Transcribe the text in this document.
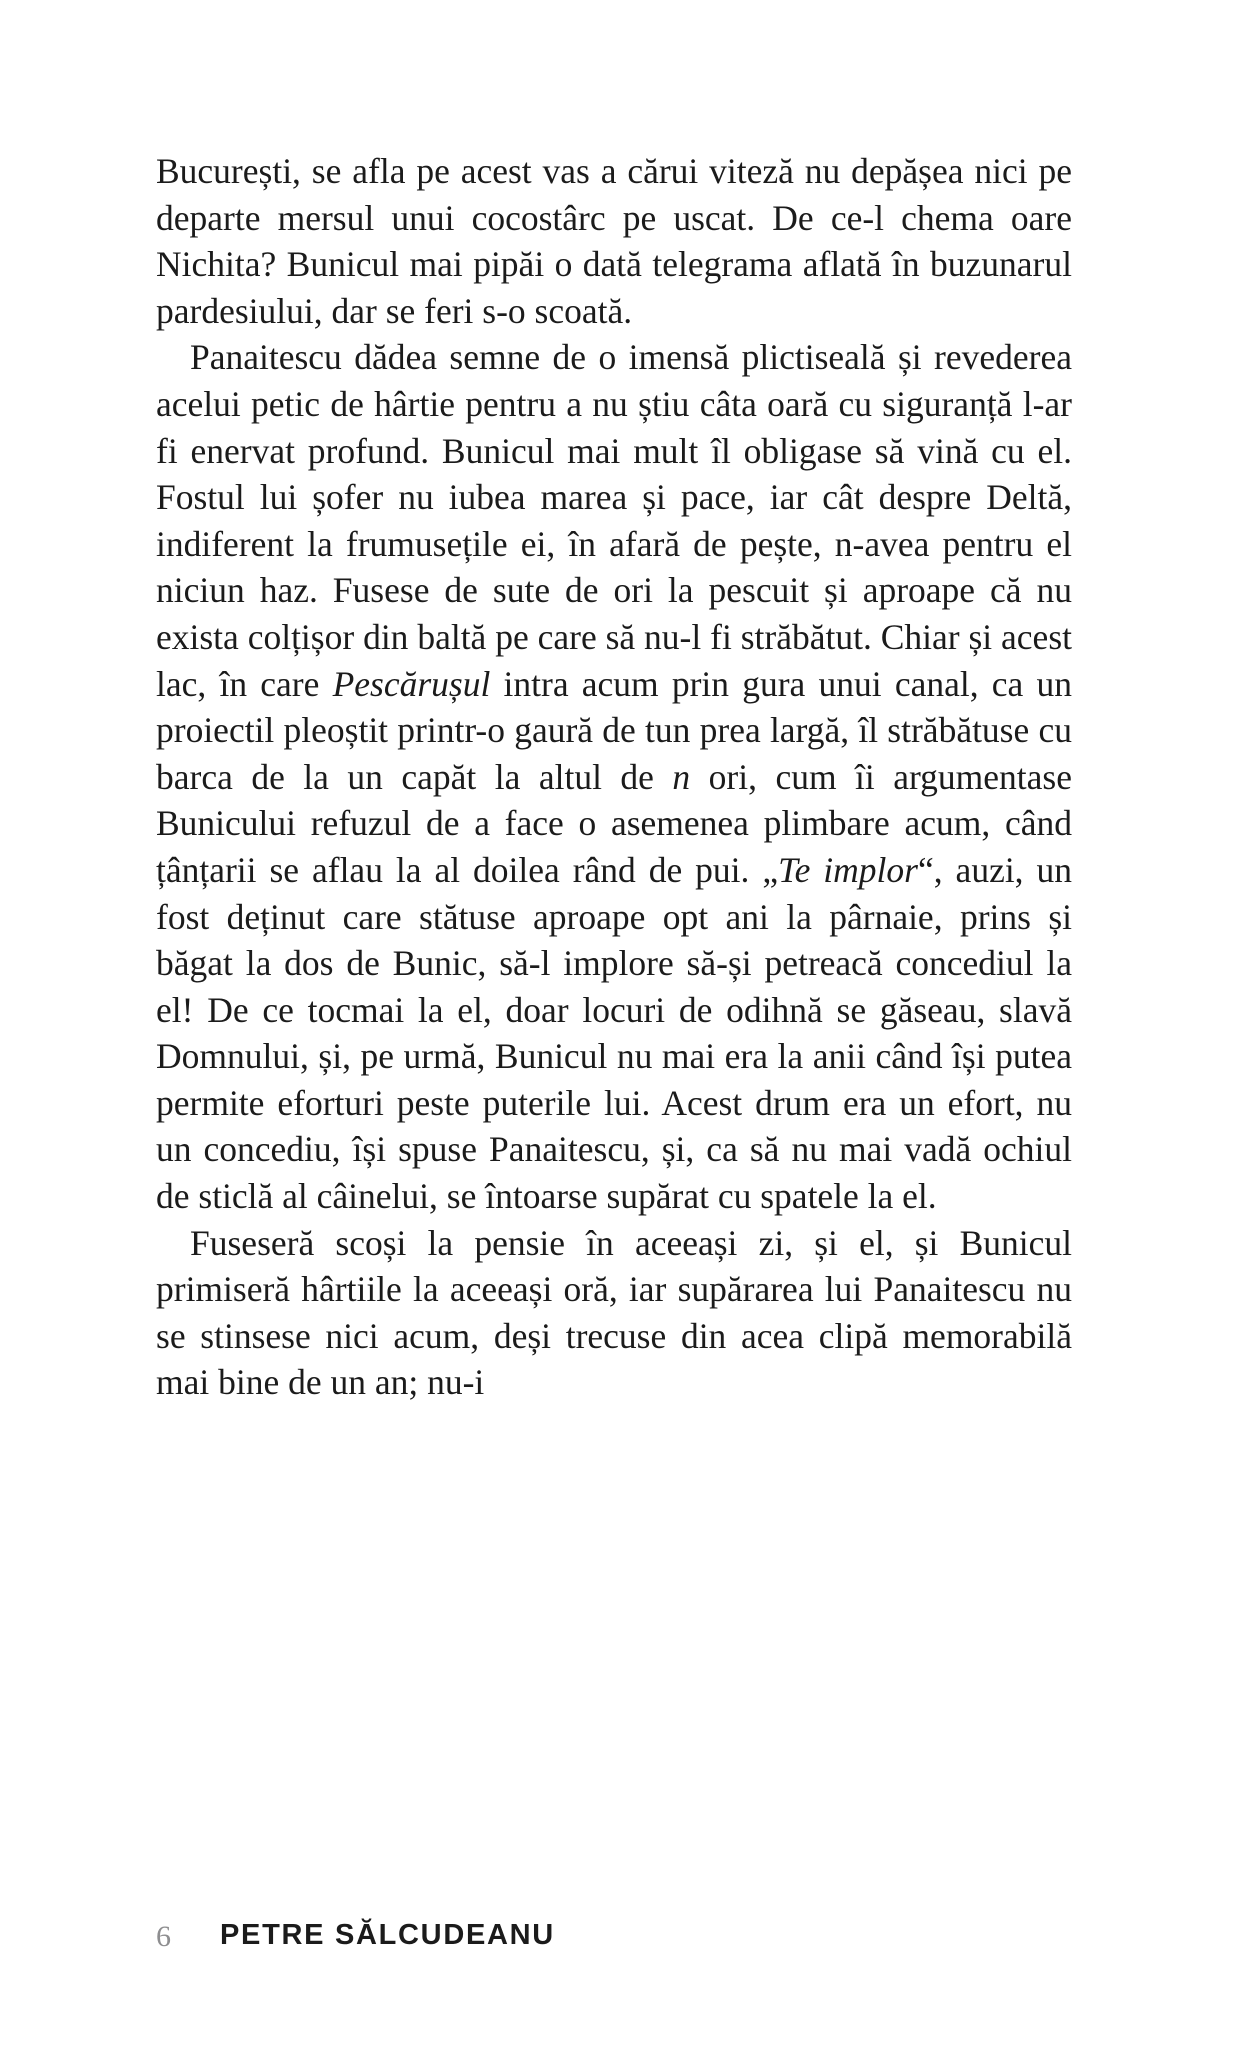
București, se afla pe acest vas a cărui viteză nu depășea nici pe departe mersul unui cocostârc pe uscat. De ce-l chema oare Nichita? Bunicul mai pipăi o dată telegrama aflată în buzunarul pardesiului, dar se feri s-o scoată.

Panaitescu dădea semne de o imensă plictiseală și revederea acelui petic de hârtie pentru a nu știu câta oară cu siguranță l-ar fi enervat profund. Bunicul mai mult îl obligase să vină cu el. Fostul lui șofer nu iubea marea și pace, iar cât despre Deltă, indiferent la frumusețile ei, în afară de pește, n-avea pentru el niciun haz. Fusese de sute de ori la pescuit și aproape că nu exista colțișor din baltă pe care să nu-l fi străbătut. Chiar și acest lac, în care Pescărușul intra acum prin gura unui canal, ca un proiectil pleoștit printr-o gaură de tun prea largă, îl străbătuse cu barca de la un capăt la altul de n ori, cum îi argumentase Bunicului refuzul de a face o asemenea plimbare acum, când țânțarii se aflau la al doilea rând de pui. „Te implor“, auzi, un fost deținut care stătuse aproape opt ani la pârnaie, prins și băgat la dos de Bunic, să-l implore să-și petreacă concediul la el! De ce tocmai la el, doar locuri de odihnă se găseau, slavă Domnului, și, pe urmă, Bunicul nu mai era la anii când își putea permite eforturi peste puterile lui. Acest drum era un efort, nu un concediu, își spuse Panaitescu, și, ca să nu mai vadă ochiul de sticlă al câinelui, se întoarse supărat cu spatele la el.

Fuseseră scoși la pensie în aceeași zi, și el, și Bunicul primiseră hârtiile la aceeași oră, iar supărarea lui Panaitescu nu se stinsese nici acum, deși trecuse din acea clipă memorabilă mai bine de un an; nu-i

6 PETRE SĂLCUDEANU
